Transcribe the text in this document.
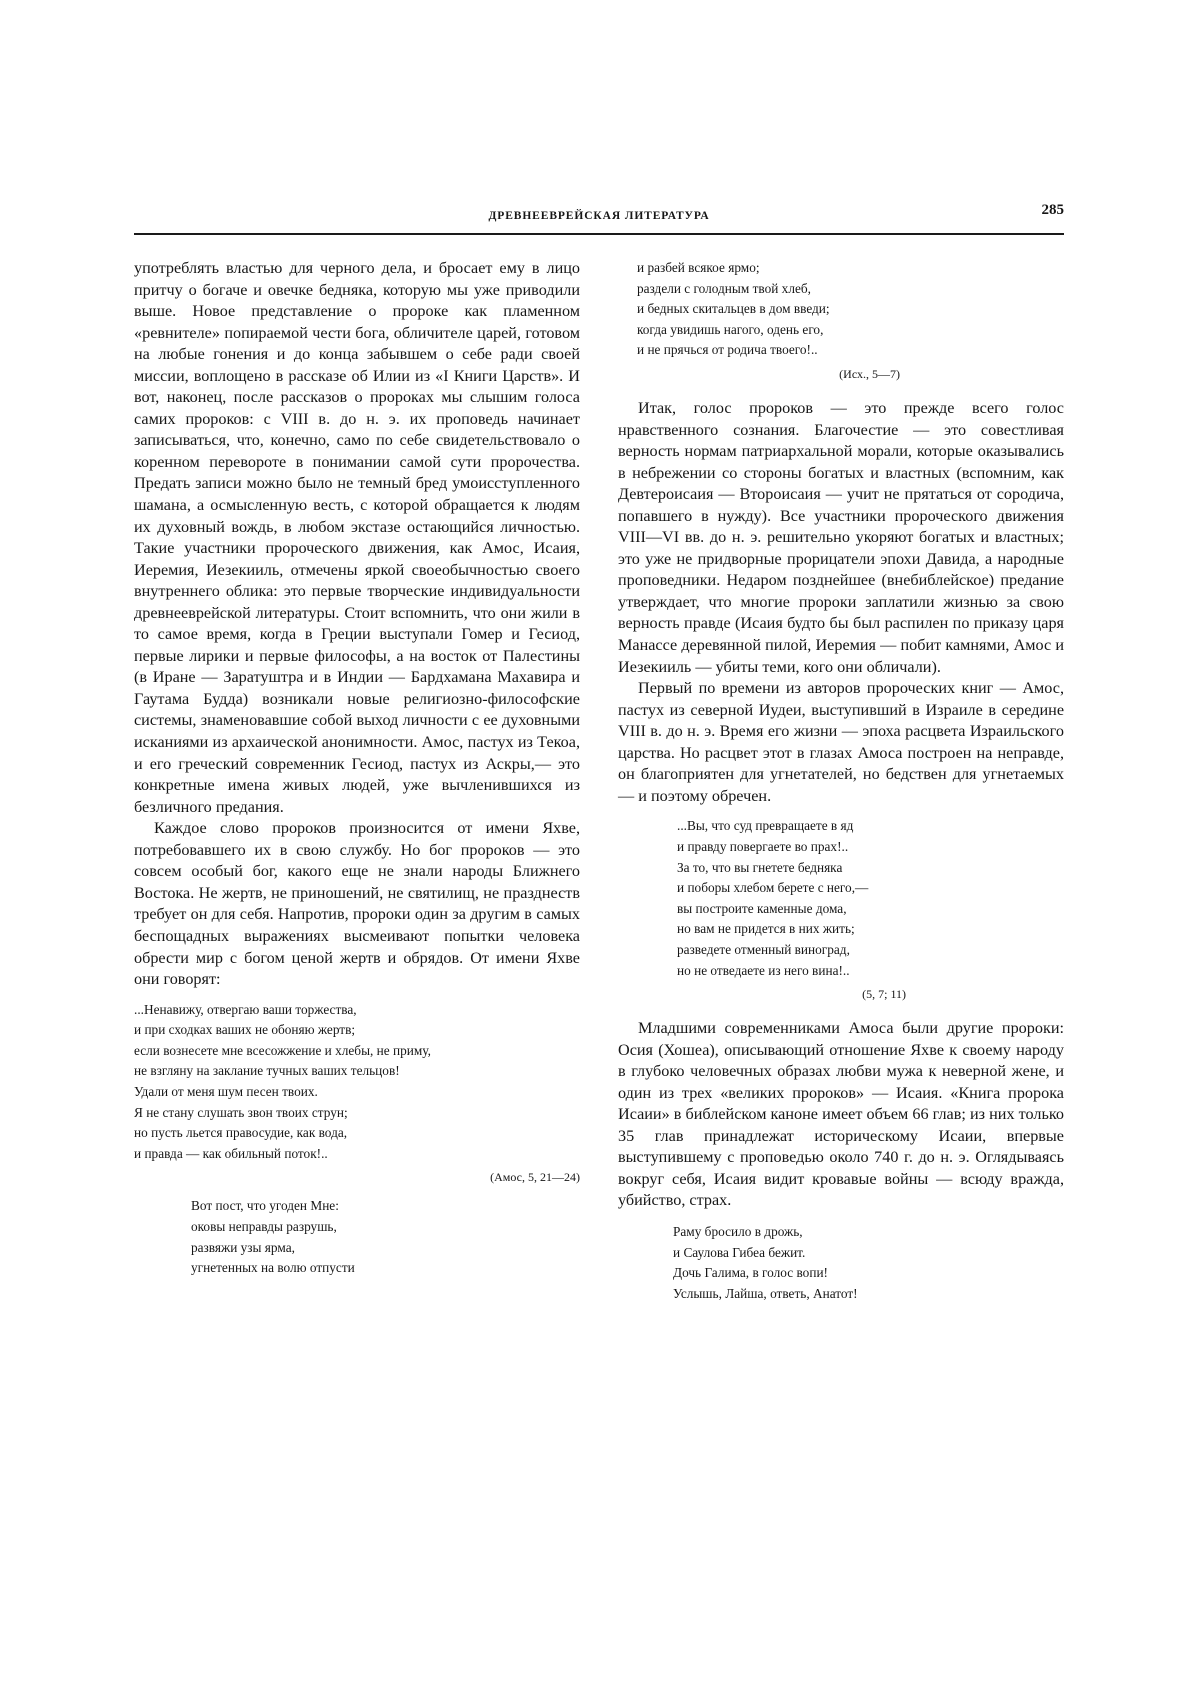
ДРЕВНЕЕВРЕЙСКАЯ ЛИТЕРАТУРА	285

употреблять властью для черного дела, и бросает ему в лицо притчу о богаче и овечке бедняка, которую мы уже приводили выше. Новое представление о пророке как пламенном «ревнителе» попираемой чести бога, обличителе царей, готовом на любые гонения и до конца забывшем о себе ради своей миссии, воплощено в рассказе об Илии из «I Книги Царств». И вот, наконец, после рассказов о пророках мы слышим голоса самих пророков: с VIII в. до н. э. их проповедь начинает записываться, что, конечно, само по себе свидетельствовало о коренном перевороте в понимании самой сути пророчества. Предать записи можно было не темный бред умоисступленного шамана, а осмысленную весть, с которой обращается к людям их духовный вождь, в любом экстазе остающийся личностью. Такие участники пророческого движения, как Амос, Исаия, Иеремия, Иезекииль, отмечены яркой своеобычностью своего внутреннего облика: это первые творческие индивидуальности древнееврейской литературы. Стоит вспомнить, что они жили в то самое время, когда в Греции выступали Гомер и Гесиод, первые лирики и первые философы, а на восток от Палестины (в Иране — Заратуштра и в Индии — Бардхамана Махавира и Гаутама Будда) возникали новые религиозно-философские системы, знаменовавшие собой выход личности с ее духовными исканиями из архаической анонимности. Амос, пастух из Текоа, и его греческий современник Гесиод, пастух из Аскры,— это конкретные имена живых людей, уже вычленившихся из безличного предания.

Каждое слово пророков произносится от имени Яхве, потребовавшего их в свою службу. Но бог пророков — это совсем особый бог, какого еще не знали народы Ближнего Востока. Не жертв, не приношений, не святилищ, не празднеств требует он для себя. Напротив, пророки один за другим в самых беспощадных выражениях высмеивают попытки человека обрести мир с богом ценой жертв и обрядов. От имени Яхве они говорят:

...Ненавижу, отвергаю ваши торжества,
и при сходках ваших не обоняю жертв;
если вознесете мне всесожжение и хлебы, не приму,
не взгляну на заклание тучных ваших тельцов!
Удали от меня шум песен твоих.
Я не стану слушать звон твоих струн;
но пусть льется правосудие, как вода,
и правда — как обильный поток!..
(Амос, 5, 21—24)
Вот пост, что угоден Мне:
оковы неправды разрушь,
развяжи узы ярма,
угнетенных на волю отпусти
и разбей всякое ярмо;
раздели с голодным твой хлеб,
и бедных скитальцев в дом введи;
когда увидишь нагого, одень его,
и не прячься от родича твоего!..
(Исх., 5—7)

Итак, голос пророков — это прежде всего голос нравственного сознания. Благочестие — это совестливая верность нормам патриархальной морали, которые оказывались в небрежении со стороны богатых и властных (вспомним, как Девтероисаия — Второисаия — учит не прятаться от сородича, попавшего в нужду). Все участники пророческого движения VIII—VI вв. до н. э. решительно укоряют богатых и властных; это уже не придворные прорицатели эпохи Давида, а народные проповедники. Недаром позднейшее (внебиблейское) предание утверждает, что многие пророки заплатили жизнью за свою верность правде (Исаия будто бы был распилен по приказу царя Манассе деревянной пилой, Иеремия — побит камнями, Амос и Иезекииль — убиты теми, кого они обличали).

Первый по времени из авторов пророческих книг — Амос, пастух из северной Иудеи, выступивший в Израиле в середине VIII в. до н. э. Время его жизни — эпоха расцвета Израильского царства. Но расцвет этот в глазах Амоса построен на неправде, он благоприятен для угнетателей, но бедствен для угнетаемых — и поэтому обречен.

...Вы, что суд превращаете в яд
и правду повергаете во прах!..
За то, что вы гнетете бедняка
и поборы хлебом берете с него,—
вы построите каменные дома,
но вам не придется в них жить;
разведете отменный виноград,
но не отведаете из него вина!..
(5, 7; 11)

Младшими современниками Амоса были другие пророки: Осия (Хошеа), описывающий отношение Яхве к своему народу в глубоко человечных образах любви мужа к неверной жене, и один из трех «великих пророков» — Исаия. «Книга пророка Исаии» в библейском каноне имеет объем 66 глав; из них только 35 глав принадлежат историческому Исаии, впервые выступившему с проповедью около 740 г. до н. э. Оглядываясь вокруг себя, Исаия видит кровавые войны — всюду вражда, убийство, страх.

Раму бросило в дрожь,
и Саулова Гибеа бежит.
Дочь Галима, в голос вопи!
Услышь, Лайша, ответь, Анатот!
